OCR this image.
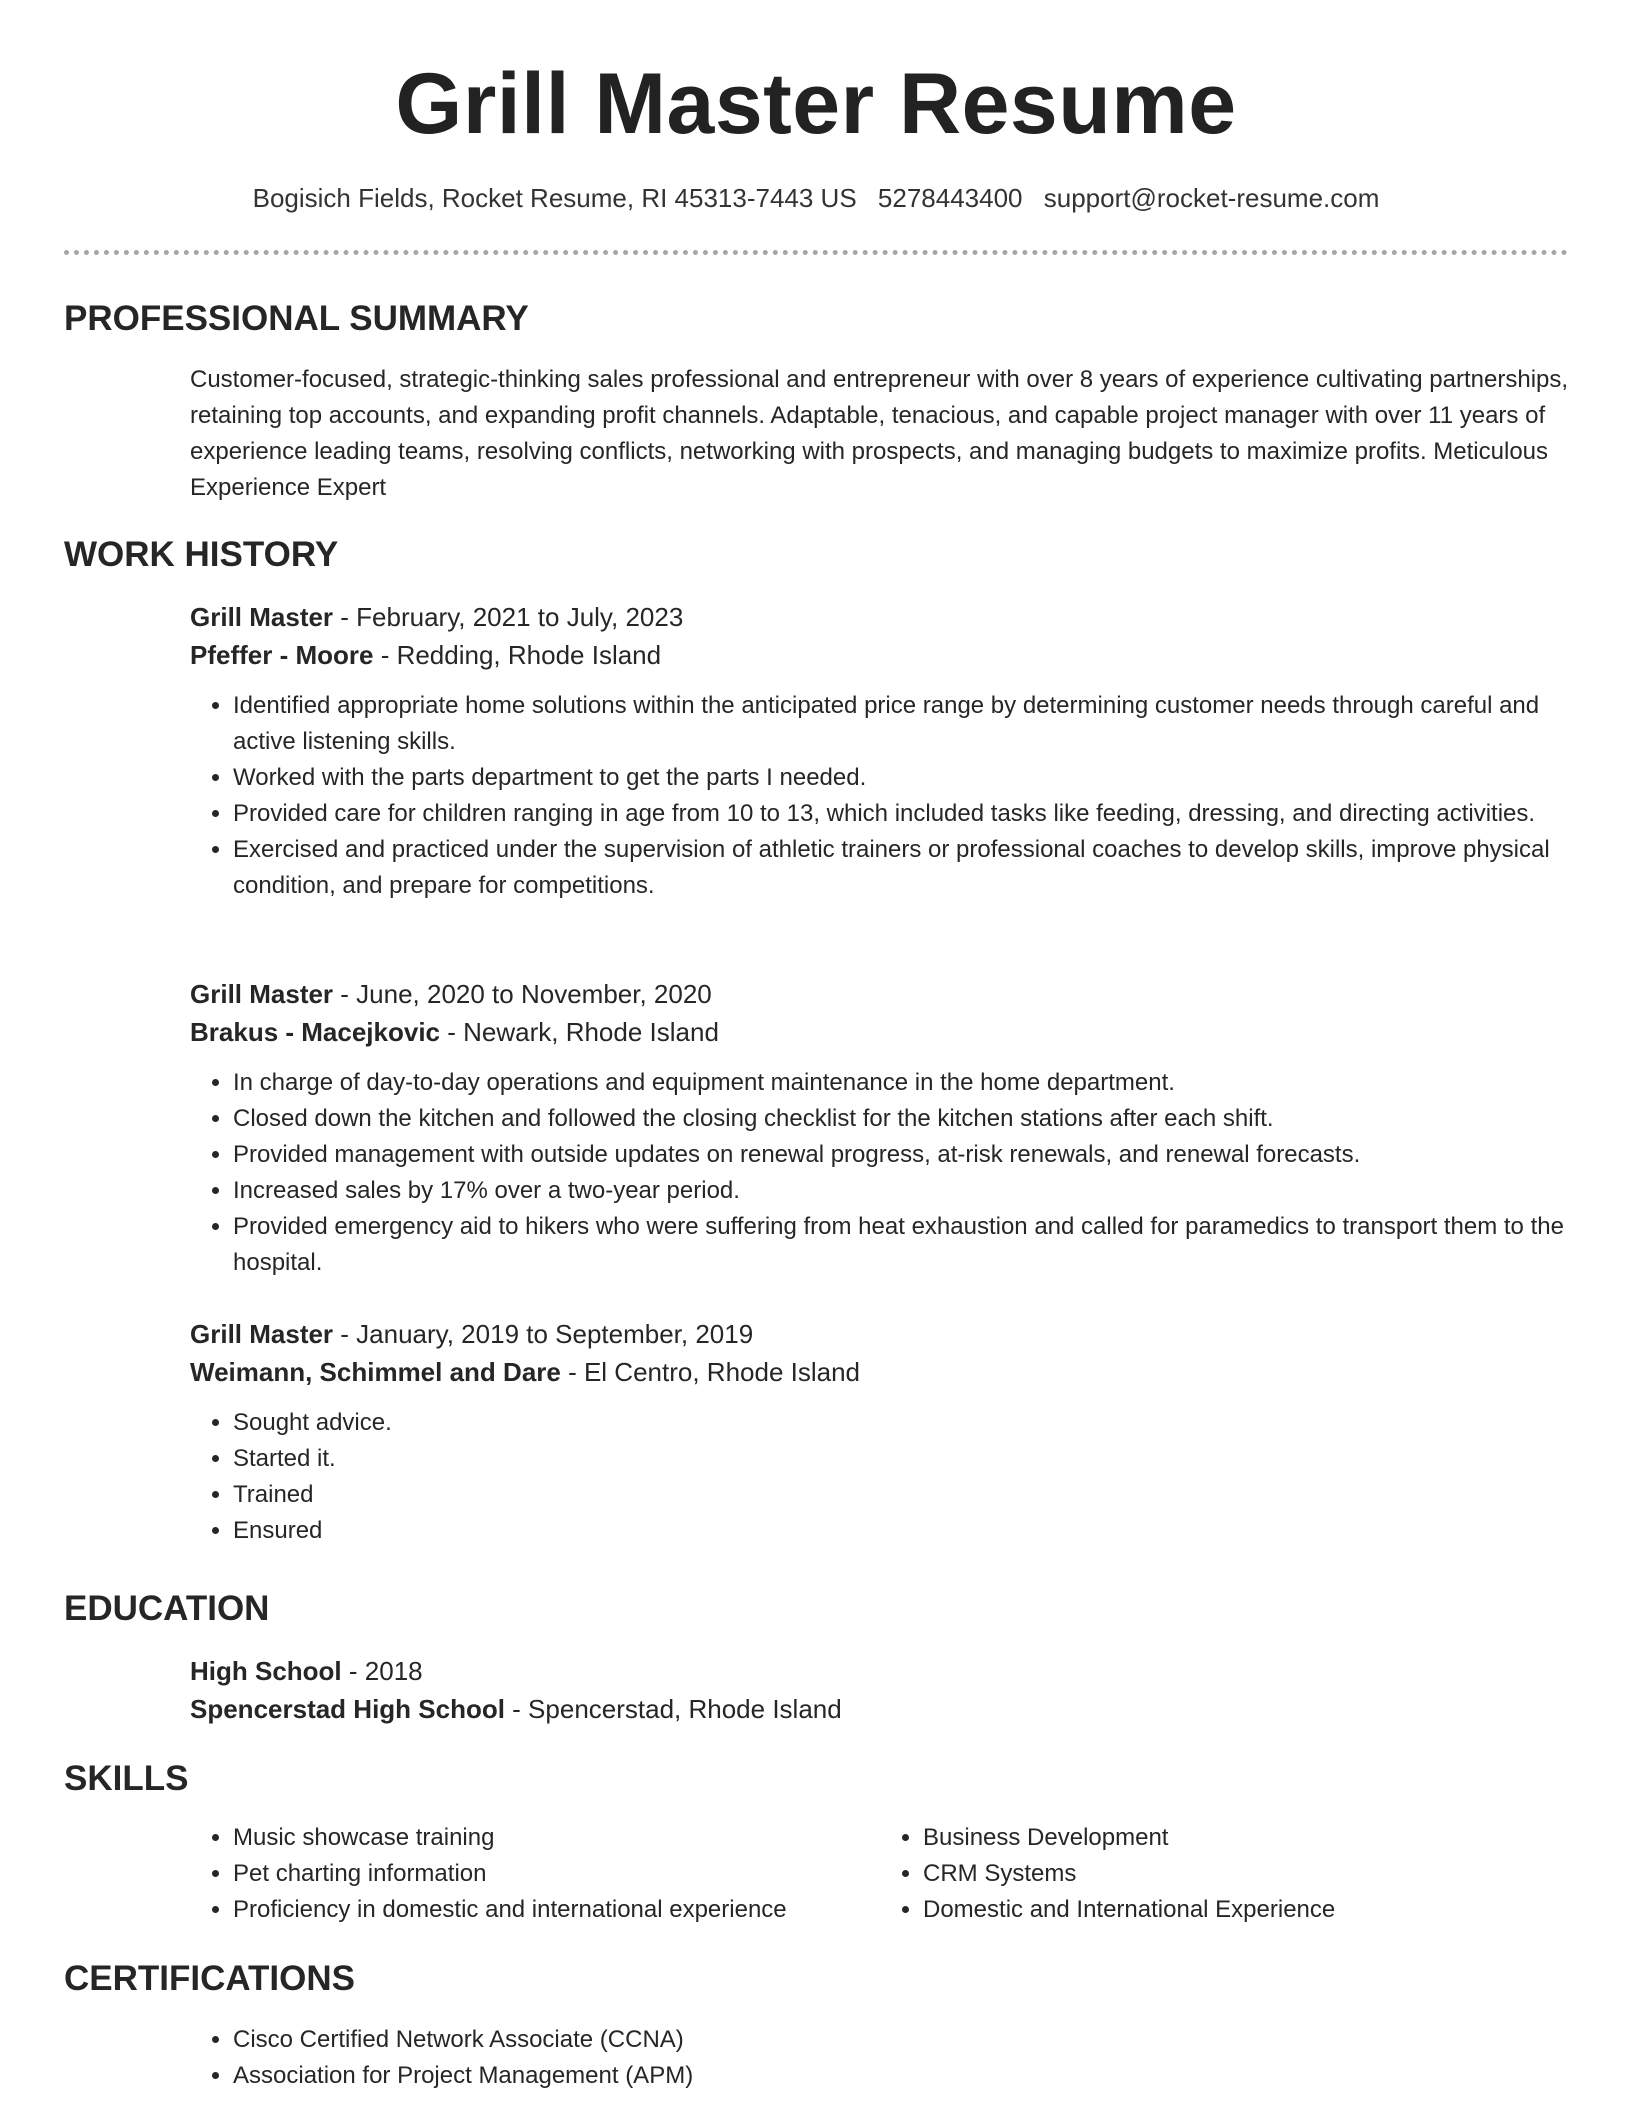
Grill Master Resume
Bogisich Fields, Rocket Resume, RI 45313-7443 US 5278443400 support@rocket-resume.com
PROFESSIONAL SUMMARY
Customer-focused, strategic-thinking sales professional and entrepreneur with over 8 years of experience cultivating partnerships, retaining top accounts, and expanding profit channels. Adaptable, tenacious, and capable project manager with over 11 years of experience leading teams, resolving conflicts, networking with prospects, and managing budgets to maximize profits. Meticulous Experience Expert
WORK HISTORY
Grill Master - February, 2021 to July, 2023
Pfeffer - Moore - Redding, Rhode Island
• Identified appropriate home solutions within the anticipated price range by determining customer needs through careful and active listening skills.
• Worked with the parts department to get the parts I needed.
• Provided care for children ranging in age from 10 to 13, which included tasks like feeding, dressing, and directing activities.
• Exercised and practiced under the supervision of athletic trainers or professional coaches to develop skills, improve physical condition, and prepare for competitions.
Grill Master - June, 2020 to November, 2020
Brakus - Macejkovic - Newark, Rhode Island
• In charge of day-to-day operations and equipment maintenance in the home department.
• Closed down the kitchen and followed the closing checklist for the kitchen stations after each shift.
• Provided management with outside updates on renewal progress, at-risk renewals, and renewal forecasts.
• Increased sales by 17% over a two-year period.
• Provided emergency aid to hikers who were suffering from heat exhaustion and called for paramedics to transport them to the hospital.
Grill Master - January, 2019 to September, 2019
Weimann, Schimmel and Dare - El Centro, Rhode Island
• Sought advice.
• Started it.
• Trained
• Ensured
EDUCATION
High School - 2018
Spencerstad High School - Spencerstad, Rhode Island
SKILLS
• Music showcase training
• Pet charting information
• Proficiency in domestic and international experience
• Business Development
• CRM Systems
• Domestic and International Experience
CERTIFICATIONS
• Cisco Certified Network Associate (CCNA)
• Association for Project Management (APM)
